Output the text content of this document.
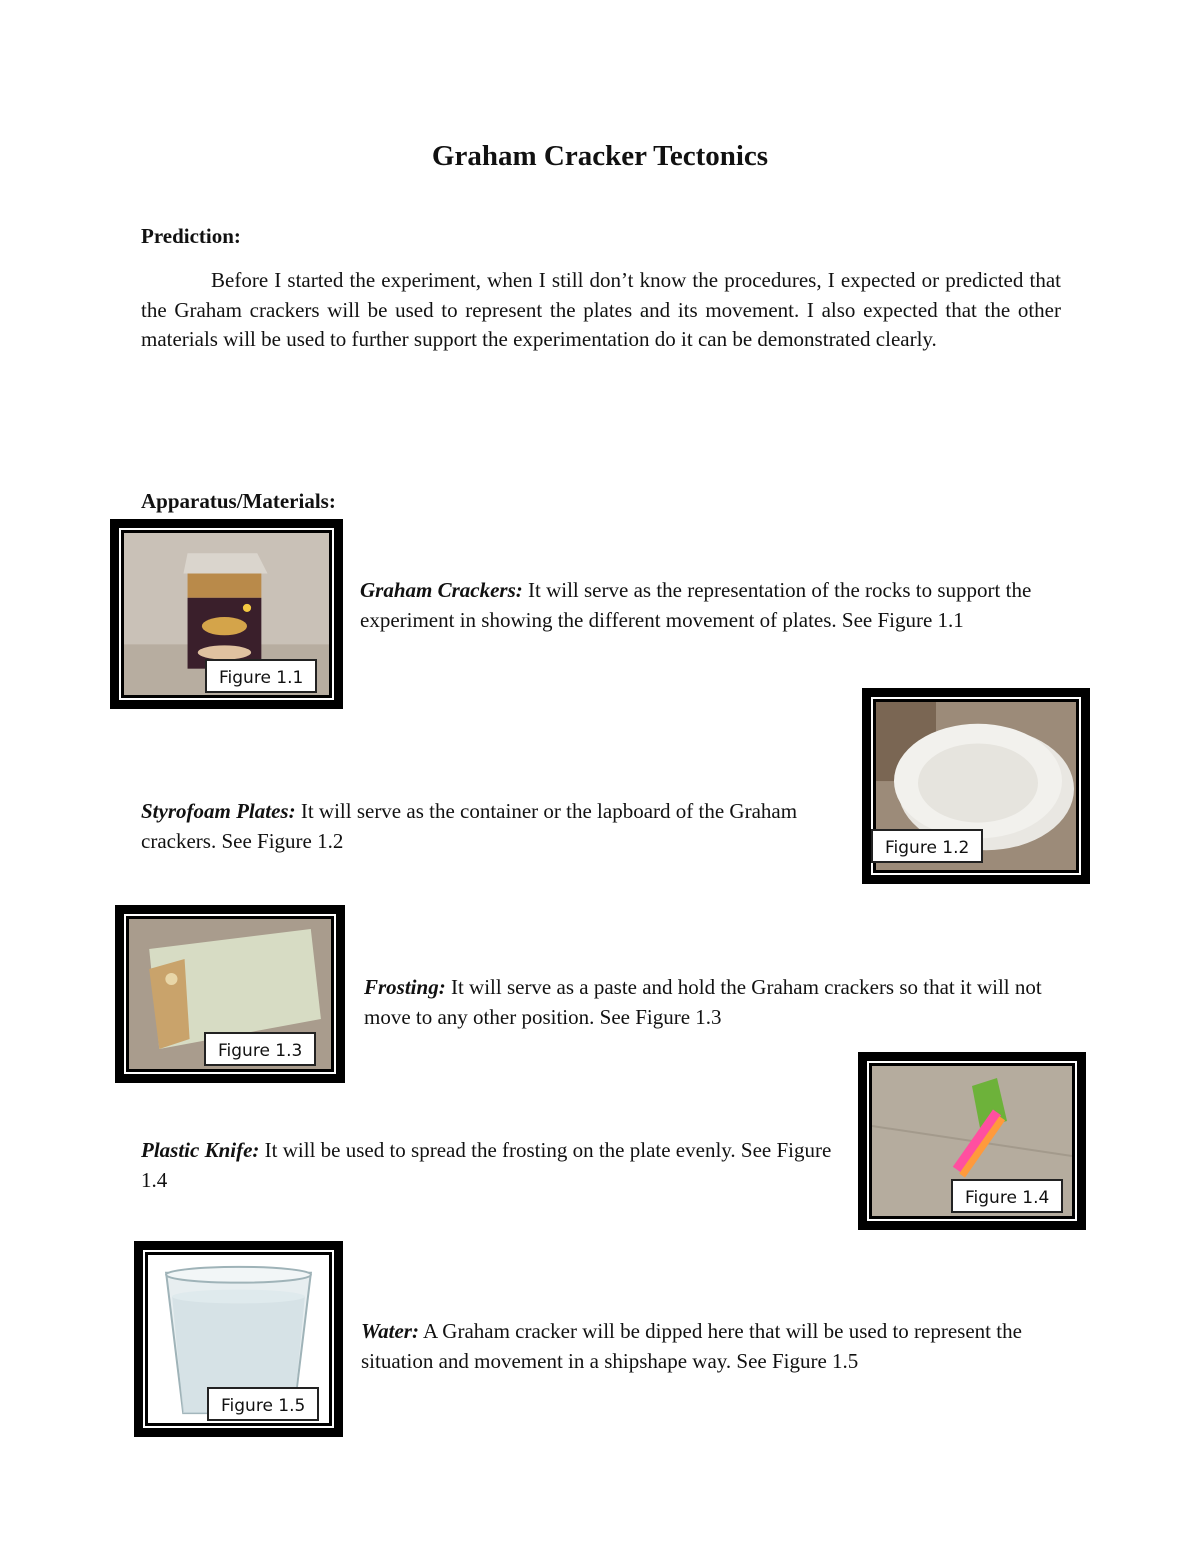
Graham Cracker Tectonics
Prediction:
Before I started the experiment, when I still don’t know the procedures, I expected or predicted that the Graham crackers will be used to represent the plates and its movement. I also expected that the other materials will be used to further support the experimentation do it can be demonstrated clearly.
Apparatus/Materials:
Figure 1.1
Graham Crackers: It will serve as the representation of the rocks to support the experiment in showing the different movement of plates. See Figure 1.1
Figure 1.2
Styrofoam Plates: It will serve as the container or the lapboard of the Graham crackers. See Figure 1.2
Figure 1.3
Frosting: It will serve as a paste and hold the Graham crackers so that it will not move to any other position. See Figure 1.3
Figure 1.4
Plastic Knife: It will be used to spread the frosting on the plate evenly. See Figure 1.4
Figure 1.5
Water: A Graham cracker will be dipped here that will be used to represent the situation and movement in a shipshape way. See Figure 1.5
